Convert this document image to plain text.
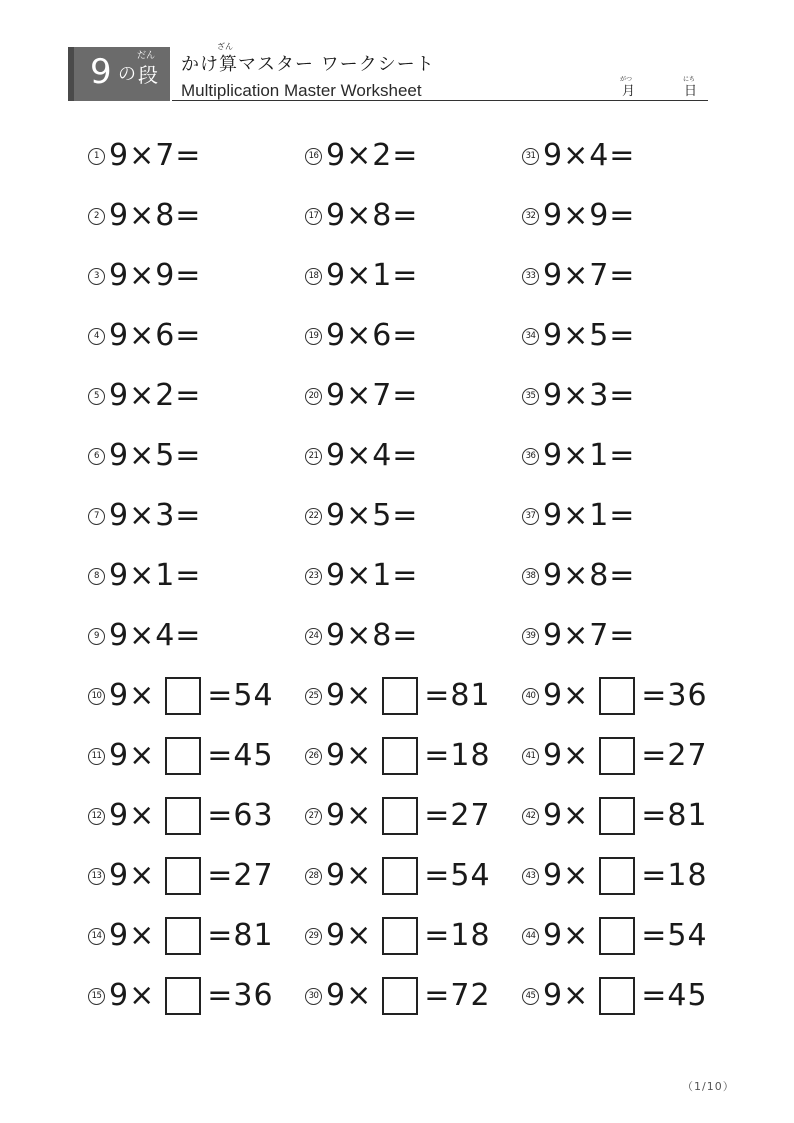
9 の
だん
段
ざん
かけ算マスター ワークシート
Multiplication Master Worksheet
がつ
月
にち
日
1 9×7=
2 9×8=
3 9×9=
4 9×6=
5 9×2=
6 9×5=
7 9×3=
8 9×1=
9 9×4=
10 9× =54
11 9× =45
12 9× =63
13 9× =27
14 9× =81
15 9× =36
16 9×2=
17 9×8=
18 9×1=
19 9×6=
20 9×7=
21 9×4=
22 9×5=
23 9×1=
24 9×8=
25 9× =81
26 9× =18
27 9× =27
28 9× =54
29 9× =18
30 9× =72
31 9×4=
32 9×9=
33 9×7=
34 9×5=
35 9×3=
36 9×1=
37 9×1=
38 9×8=
39 9×7=
40 9× =36
41 9× =27
42 9× =81
43 9× =18
44 9× =54
45 9× =45
（1/10）
